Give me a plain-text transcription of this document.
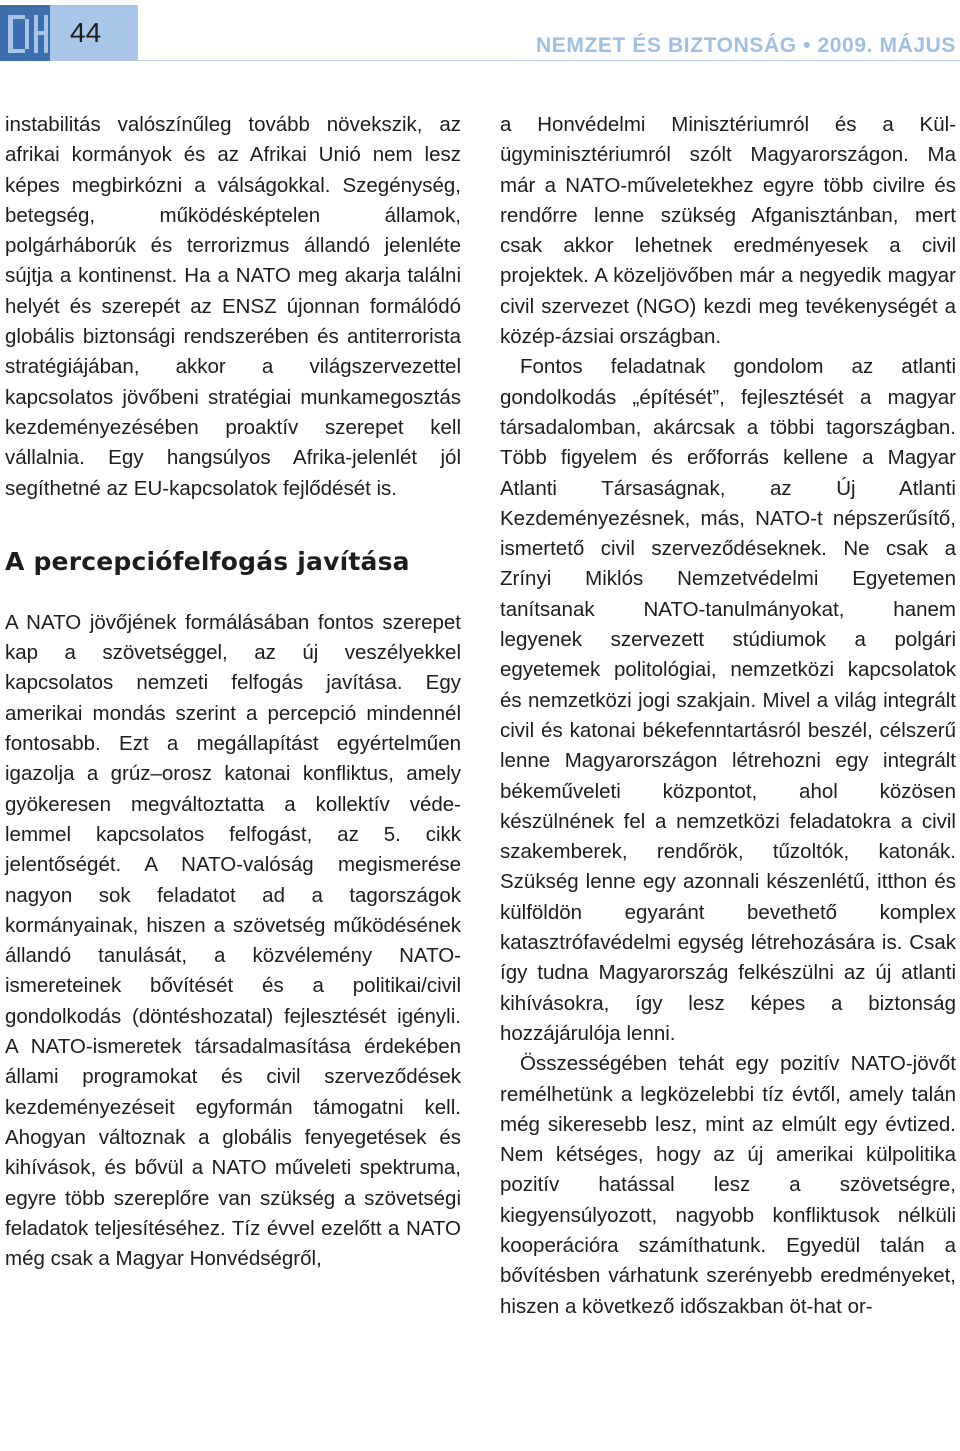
44	NEMZET ÉS BIZTONSÁG • 2009. MÁJUS

instabilitás valószínűleg tovább növekszik, az afrikai kormányok és az Afrikai Unió nem lesz képes megbirkózni a válságokkal. Szegénység, betegség, működésképtelen államok, polgárháborúk és terrorizmus állandó jelenléte sújtja a kontinenst. Ha a NATO meg akarja találni helyét és szerepét az ENSZ újonnan formálódó globális biztonsági rendszerében és antiterrorista stratégiájában, akkor a világszervezettel kapcsolatos jövőbeni stratégiai munkamegosztás kezdeményezésében proaktív szerepet kell vállalnia. Egy hangsúlyos Afrika-jelenlét jól segíthetné az EU-kapcsolatok fejlődését is.

A percepciófelfogás javítása

A NATO jövőjének formálásában fontos szerepet kap a szövetséggel, az új veszélyekkel kapcsolatos nemzeti felfogás javítása. Egy amerikai mondás szerint a percepció mindennél fontosabb. Ezt a megállapítást egyértelműen igazolja a grúz–orosz katonai konfliktus, amely gyökeresen megváltoztatta a kollektív védelemmel kapcsolatos felfogást, az 5. cikk jelentőségét. A NATO-valóság megismerése nagyon sok feladatot ad a tagországok kormányainak, hiszen a szövetség működésének állandó tanulását, a közvélemény NATO-ismereteinek bővítését és a politikai/civil gondolkodás (döntéshozatal) fejlesztését igényli. A NATO-ismeretek társadalmasítása érdekében állami programokat és civil szerveződések kezdeményezéseit egyformán támogatni kell. Ahogyan változnak a globális fenyegetések és kihívások, és bővül a NATO műveleti spektruma, egyre több szereplőre van szükség a szövetségi feladatok teljesítéséhez. Tíz évvel ezelőtt a NATO még csak a Magyar Honvédségről,

a Honvédelmi Minisztériumról és a Külügyminisztériumról szólt Magyarországon. Ma már a NATO-műveletekhez egyre több civilre és rendőrre lenne szükség Afganisztánban, mert csak akkor lehetnek eredményesek a civil projektek. A közeljövőben már a negyedik magyar civil szervezet (NGO) kezdi meg tevékenységét a közép-ázsiai országban.

Fontos feladatnak gondolom az atlanti gondolkodás „építését”, fejlesztését a magyar társadalomban, akárcsak a többi tagországban. Több figyelem és erőforrás kellene a Magyar Atlanti Társaságnak, az Új Atlanti Kezdeményezésnek, más, NATO-t népszerűsítő, ismertető civil szerveződéseknek. Ne csak a Zrínyi Miklós Nemzetvédelmi Egyetemen tanítsanak NATO-tanulmányokat, hanem legyenek szervezett stúdiumok a polgári egyetemek politológiai, nemzetközi kapcsolatok és nemzetközi jogi szakjain. Mivel a világ integrált civil és katonai békefenntartásról beszél, célszerű lenne Magyarországon létrehozni egy integrált békeműveleti központot, ahol közösen készülnének fel a nemzetközi feladatokra a civil szakemberek, rendőrök, tűzoltók, katonák. Szükség lenne egy azonnali készenlétű, itthon és külföldön egyaránt bevethető komplex katasztrófavédelmi egység létrehozására is. Csak így tudna Magyarország felkészülni az új atlanti kihívásokra, így lesz képes a biztonság hozzájárulója lenni.

Összességében tehát egy pozitív NATO-jövőt remélhetünk a legközelebbi tíz évtől, amely talán még sikeresebb lesz, mint az elmúlt egy évtized. Nem kétséges, hogy az új amerikai külpolitika pozitív hatással lesz a szövetségre, kiegyensúlyozott, nagyobb konfliktusok nélküli kooperációra számíthatunk. Egyedül talán a bővítésben várhatunk szerényebb eredményeket, hiszen a következő időszakban öt-hat or-
